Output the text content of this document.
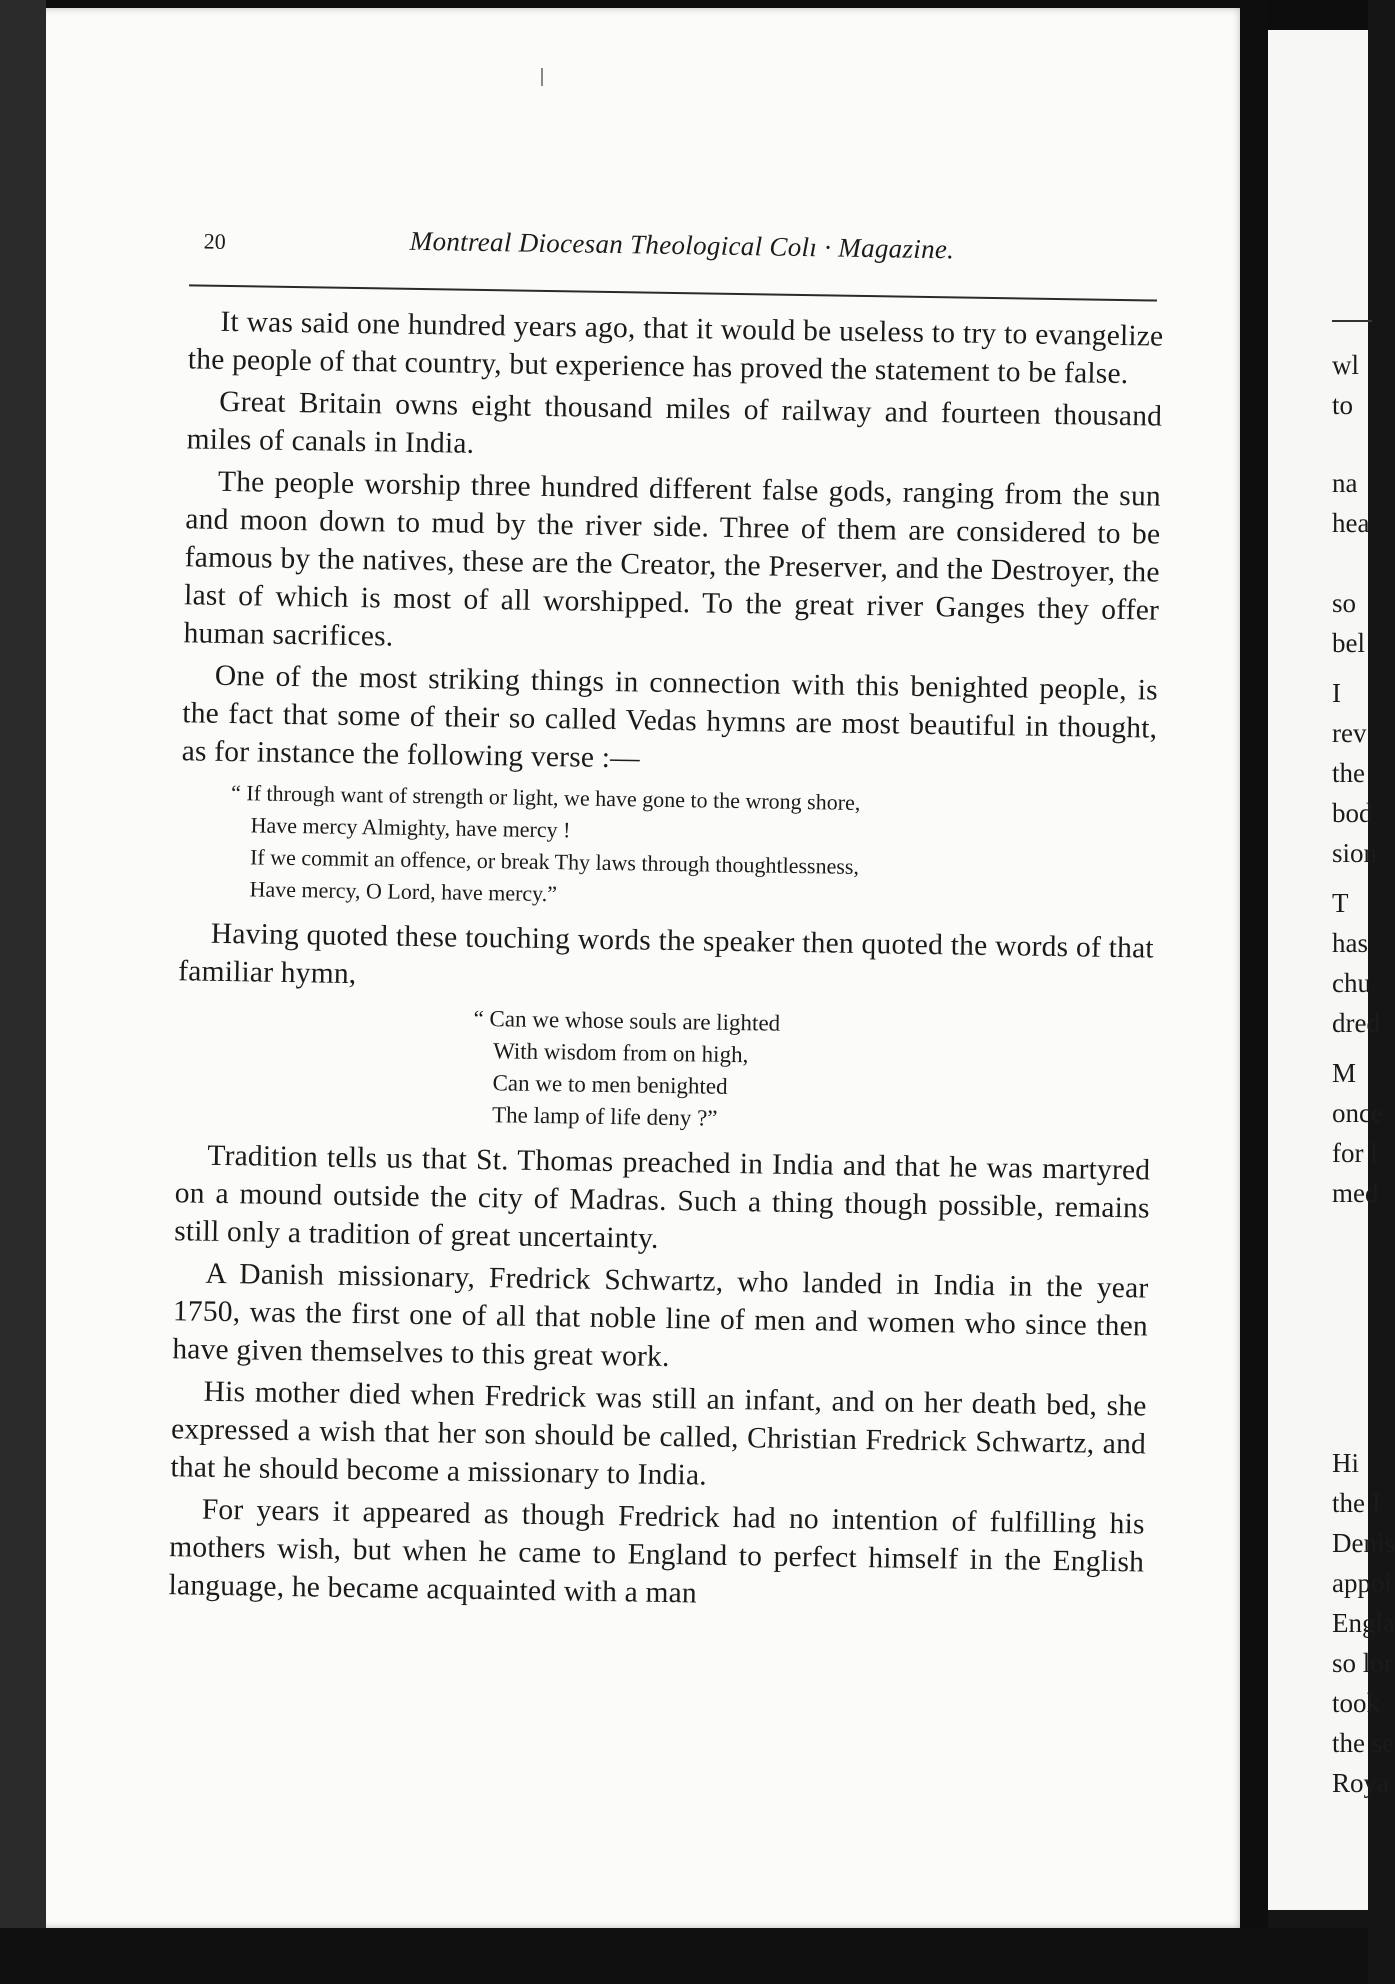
20	Montreal Diocesan Theological Colı · Magazine.

It was said one hundred years ago, that it would be useless to try to evangelize the people of that country, but experience has proved the statement to be false.

Great Britain owns eight thousand miles of railway and fourteen thousand miles of canals in India.

The people worship three hundred different false gods, ranging from the sun and moon down to mud by the river side. Three of them are considered to be famous by the natives, these are the Creator, the Preserver, and the Destroyer, the last of which is most of all worshipped. To the great river Ganges they offer human sacrifices.

One of the most striking things in connection with this benighted people, is the fact that some of their so called Vedas hymns are most beautiful in thought, as for instance the following verse :—

“ If through want of strength or light, we have gone to the wrong shore,
Have mercy Almighty, have mercy !
If we commit an offence, or break Thy laws through thoughtlessness,
Have mercy, O Lord, have mercy.”

Having quoted these touching words the speaker then quoted the words of that familiar hymn,

“ Can we whose souls are lighted
With wisdom from on high,
Can we to men benighted
The lamp of life deny ?”

Tradition tells us that St. Thomas preached in India and that he was martyred on a mound outside the city of Madras. Such a thing though possible, remains still only a tradition of great uncertainty.

A Danish missionary, Fredrick Schwartz, who landed in India in the year 1750, was the first one of all that noble line of men and women who since then have given themselves to this great work.

His mother died when Fredrick was still an infant, and on her death bed, she expressed a wish that her son should be called, Christian Fredrick Schwartz, and that he should become a missionary to India.

For years it appeared as though Fredrick had no intention of fulfilling his mothers wish, but when he came to England to perfect himself in the English language, he became acquainted with a man

wl
to
na
hea
so
bel
I
rev
the
bod
sion
T
has
chu
dred
M
once
for l
med
Hi
the I
Denis
appoi
Engla
so lor
took
the se
Roya
